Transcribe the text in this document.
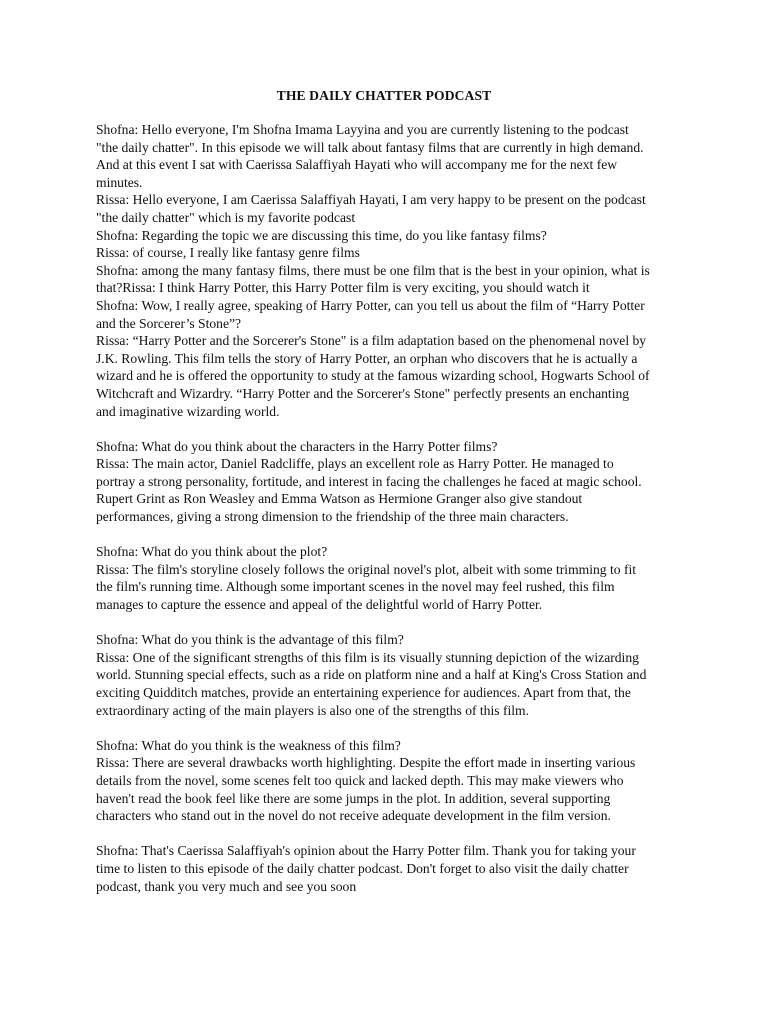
THE DAILY CHATTER PODCAST
Shofna: Hello everyone, I'm Shofna Imama Layyina and you are currently listening to the podcast
"the daily chatter". In this episode we will talk about fantasy films that are currently in high demand.
And at this event I sat with Caerissa Salaffiyah Hayati who will accompany me for the next few
minutes.
Rissa: Hello everyone, I am Caerissa Salaffiyah Hayati, I am very happy to be present on the podcast
"the daily chatter" which is my favorite podcast
Shofna: Regarding the topic we are discussing this time, do you like fantasy films?
Rissa: of course, I really like fantasy genre films
Shofna: among the many fantasy films, there must be one film that is the best in your opinion, what is
that?Rissa: I think Harry Potter, this Harry Potter film is very exciting, you should watch it
Shofna: Wow, I really agree, speaking of Harry Potter, can you tell us about the film of “Harry Potter
and the Sorcerer’s Stone”?
Rissa: “Harry Potter and the Sorcerer's Stone" is a film adaptation based on the phenomenal novel by
J.K. Rowling. This film tells the story of Harry Potter, an orphan who discovers that he is actually a
wizard and he is offered the opportunity to study at the famous wizarding school, Hogwarts School of
Witchcraft and Wizardry. “Harry Potter and the Sorcerer's Stone" perfectly presents an enchanting
and imaginative wizarding world.
Shofna: What do you think about the characters in the Harry Potter films?
Rissa: The main actor, Daniel Radcliffe, plays an excellent role as Harry Potter. He managed to
portray a strong personality, fortitude, and interest in facing the challenges he faced at magic school.
Rupert Grint as Ron Weasley and Emma Watson as Hermione Granger also give standout
performances, giving a strong dimension to the friendship of the three main characters.
Shofna: What do you think about the plot?
Rissa: The film's storyline closely follows the original novel's plot, albeit with some trimming to fit
the film's running time. Although some important scenes in the novel may feel rushed, this film
manages to capture the essence and appeal of the delightful world of Harry Potter.
Shofna: What do you think is the advantage of this film?
Rissa: One of the significant strengths of this film is its visually stunning depiction of the wizarding
world. Stunning special effects, such as a ride on platform nine and a half at King's Cross Station and
exciting Quidditch matches, provide an entertaining experience for audiences. Apart from that, the
extraordinary acting of the main players is also one of the strengths of this film.
Shofna: What do you think is the weakness of this film?
Rissa: There are several drawbacks worth highlighting. Despite the effort made in inserting various
details from the novel, some scenes felt too quick and lacked depth. This may make viewers who
haven't read the book feel like there are some jumps in the plot. In addition, several supporting
characters who stand out in the novel do not receive adequate development in the film version.
Shofna: That's Caerissa Salaffiyah's opinion about the Harry Potter film. Thank you for taking your
time to listen to this episode of the daily chatter podcast. Don't forget to also visit the daily chatter
podcast, thank you very much and see you soon
